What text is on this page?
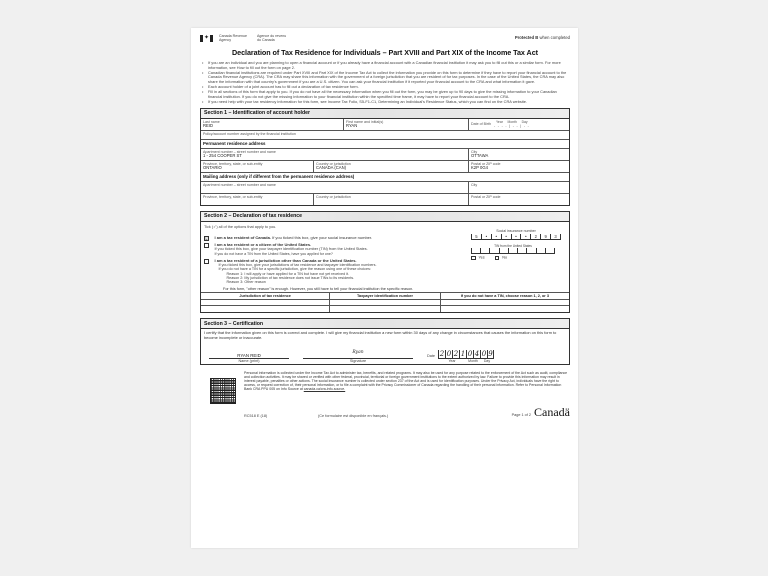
✦	Canada Revenue Agency
Agence du revenu du Canada	Protected B when completed
Declaration of Tax Residence for Individuals – Part XVIII and Part XIX of the Income Tax Act
• If you are an individual and you are planning to open a financial account or if you already have a financial account with a Canadian financial institution it may ask you to fill out this or a similar form. For more information, see How to fill out the form on page 2.
• Canadian financial institutions are required under Part XVIII and Part XIX of the Income Tax Act to collect the information you provide on this form to determine if they have to report your financial account to the Canada Revenue Agency (CRA). The CRA may share this information with the government of a foreign jurisdiction that you are resident of for tax purposes. In the case of the United States, the CRA may also share the information with that country's government if you are a U.S. citizen. You can ask your financial institution if it reported your financial account to the CRA and what information it gave.
• Each account holder of a joint account has to fill out a declaration of tax residence form.
• Fill in all sections of this form that apply to you. If you do not have all the necessary information when you fill out the form, you may be given up to 90 days to give the missing information to your Canadian financial institution. If you do not give the missing information to your financial institution within the specified time frame, it may have to report your financial account to the CRA.
• If you need help with your tax residency information for this form, see Income Tax Folio, S5-F1-C1, Determining an Individual's Residence Status, which you can find on the CRA website.
Section 1 – Identification of account holder
Last name
REID
First name and initial(s)
RYAN	Date of Birth Year Month Day
- - - - | - - | - -
Policy/account number assigned by the financial institution
Permanent residence address
Apartment number – street number and name
1 - 254 COOPER ST
City
OTTAWA
Province, territory, state, or sub-entity
ONTARIO
Country or jurisdiction
CANADA (CAN)
Postal or ZIP code
K2P 0G4
Mailing address (only if different from the permanent residence address)
Apartment number – street number and name	City
Province, territory, state, or sub-entity	Country or jurisdiction	Postal or ZIP code
Section 2 – Declaration of tax residence
Tick (✓) all of the options that apply to you.
☑ I am a tax resident of Canada. If you ticked this box, give your social insurance number.
Social insurance number
5	•	•	•	•	•	2	9	3
I am a tax resident or a citizen of the United States.
If you ticked this box, give your taxpayer identification number (TIN) from the United States.
If you do not have a TIN from the United States, have you applied for one?
TIN from the United States
Yes	No
I am a tax resident of a jurisdiction other than Canada or the United States.
If you ticked this box, give your jurisdictions of tax residence and taxpayer identification numbers.
If you do not have a TIN for a specific jurisdiction, give the reason using one of these choices:
Reason 1: I will apply or have applied for a TIN but have not yet received it.
Reason 2: My jurisdiction of tax residence does not issue TINs to its residents.
Reason 3: Other reason
For this form, "other reason" is enough. However, you still have to tell your financial institution the specific reason.
Jurisdiction of tax residence	Taxpayer identification number	If you do not have a TIN, choose reason 1, 2, or 3

Section 3 – Certification
I certify that the information given on this form is correct and complete. I will give my financial institution a new form within 30 days of any change in circumstances that causes the information on this form to become incomplete or inaccurate.
RYAN REID
Name (print)
Ryan
Signature
Date 2 0 2 1
Year
0 4
Month
0 9
Day
Personal information is collected under the Income Tax Act to administer tax, benefits, and related programs. It may also be used for any purpose related to the enforcement of the Act such as audit, compliance and collection activities. It may be shared or verified with other federal, provincial, territorial or foreign government institutions to the extent authorized by law. Failure to provide this information may result in interest payable, penalties or other actions. The social insurance number is collected under section 237 of the Act and is used for identification purposes. Under the Privacy Act, individuals have the right to access, or request correction of, their personal information, or to file a complaint with the Privacy Commissioner of Canada regarding the handling of their personal information. Refer to Personal Information Bank CRA PPU 005 on Info Source at canada.ca/cra-info-source.
RC518 E (18)	(Ce formulaire est disponible en français.)	Page 1 of 2 Canadä
